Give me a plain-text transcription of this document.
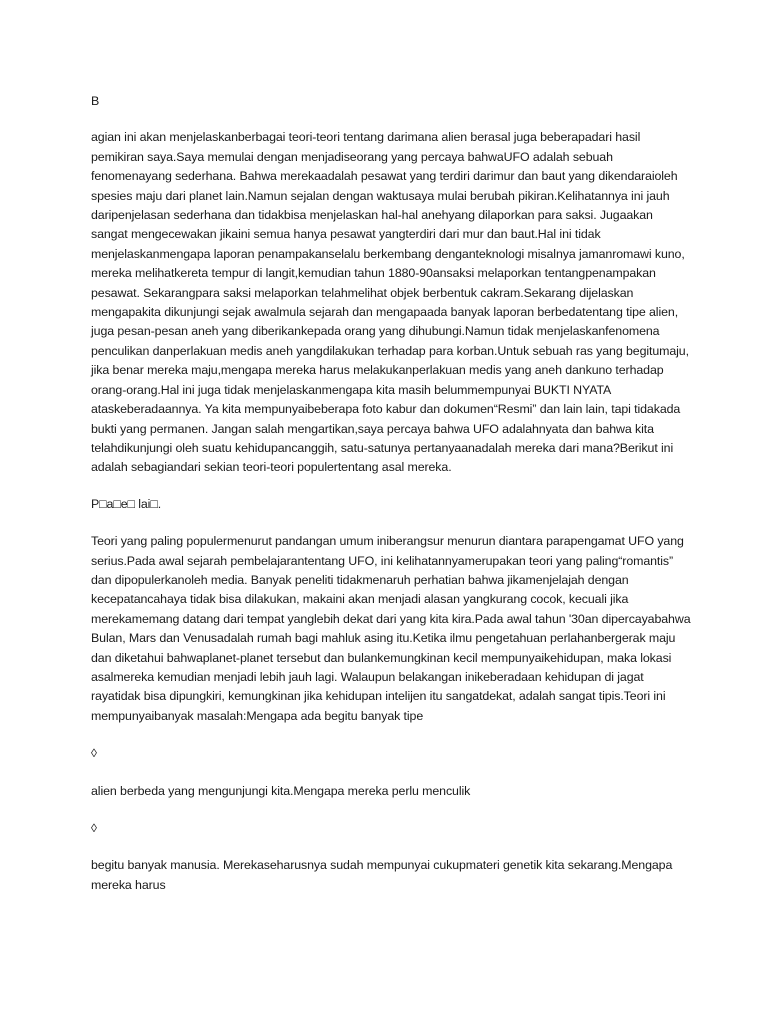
B

agian ini akan menjelaskanberbagai teori-teori tentang darimana alien berasal juga beberapadari hasil pemikiran saya.Saya memulai dengan menjadiseorang yang percaya bahwaUFO adalah sebuah fenomenayang sederhana. Bahwa merekaadalah pesawat yang terdiri darimur dan baut yang dikendaraioleh spesies maju dari planet lain.Namun sejalan dengan waktusaya mulai berubah pikiran.Kelihatannya ini jauh daripenjelasan sederhana dan tidakbisa menjelaskan hal-hal anehyang dilaporkan para saksi. Jugaakan sangat mengecewakan jikaini semua hanya pesawat yangterdiri dari mur dan baut.Hal ini tidak menjelaskanmengapa laporan penampakanselalu berkembang denganteknologi misalnya jamanromawi kuno, mereka melihatkereta tempur di langit,kemudian tahun 1880-90ansaksi melaporkan tentangpenampakan pesawat. Sekarangpara saksi melaporkan telahmelihat objek berbentuk cakram.Sekarang dijelaskan mengapakita dikunjungi sejak awalmula sejarah dan mengapaada banyak laporan berbedatentang tipe alien, juga pesan-pesan aneh yang diberikankepada orang yang dihubungi.Namun tidak menjelaskanfenomena penculikan danperlakuan medis aneh yangdilakukan terhadap para korban.Untuk sebuah ras yang begitumaju, jika benar mereka maju,mengapa mereka harus melakukanperlakuan medis yang aneh dankuno terhadap orang-orang.Hal ini juga tidak menjelaskanmengapa kita masih belummempunyai BUKTI NYATA ataskeberadaannya. Ya kita mempunyaibeberapa foto kabur dan dokumen“Resmi” dan lain lain, tapi tidakada bukti yang permanen. Jangan salah mengartikan,saya percaya bahwa UFO adalahnyata dan bahwa kita telahdikunjungi oleh suatu kehidupancanggih, satu-satunya pertanyaanadalah mereka dari mana?Berikut ini adalah sebagiandari sekian teori-teori populertentang asal mereka.

P□a□e□ lai□.

Teori yang paling populermenurut pandangan umum iniberangsur menurun diantara parapengamat UFO yang serius.Pada awal sejarah pembelajarantentang UFO, ini kelihatannyamerupakan teori yang paling“romantis” dan dipopulerkanoleh media. Banyak peneliti tidakmenaruh perhatian bahwa jikamenjelajah dengan kecepatancahaya tidak bisa dilakukan, makaini akan menjadi alasan yangkurang cocok, kecuali jika merekamemang datang dari tempat yanglebih dekat dari yang kita kira.Pada awal tahun '30an dipercayabahwa Bulan, Mars dan Venusadalah rumah bagi mahluk asing itu.Ketika ilmu pengetahuan perlahanbergerak maju dan diketahui bahwaplanet-planet tersebut dan bulankemungkinan kecil mempunyaikehidupan, maka lokasi asalmereka kemudian menjadi lebih jauh lagi. Walaupun belakangan inikeberadaan kehidupan di jagat rayatidak bisa dipungkiri, kemungkinan jika kehidupan intelijen itu sangatdekat, adalah sangat tipis.Teori ini mempunyaibanyak masalah:Mengapa ada begitu banyak tipe

◊

alien berbeda yang mengunjungi kita.Mengapa mereka perlu menculik

◊

begitu banyak manusia. Merekaseharusnya sudah mempunyai cukupmateri genetik kita sekarang.Mengapa mereka harus
